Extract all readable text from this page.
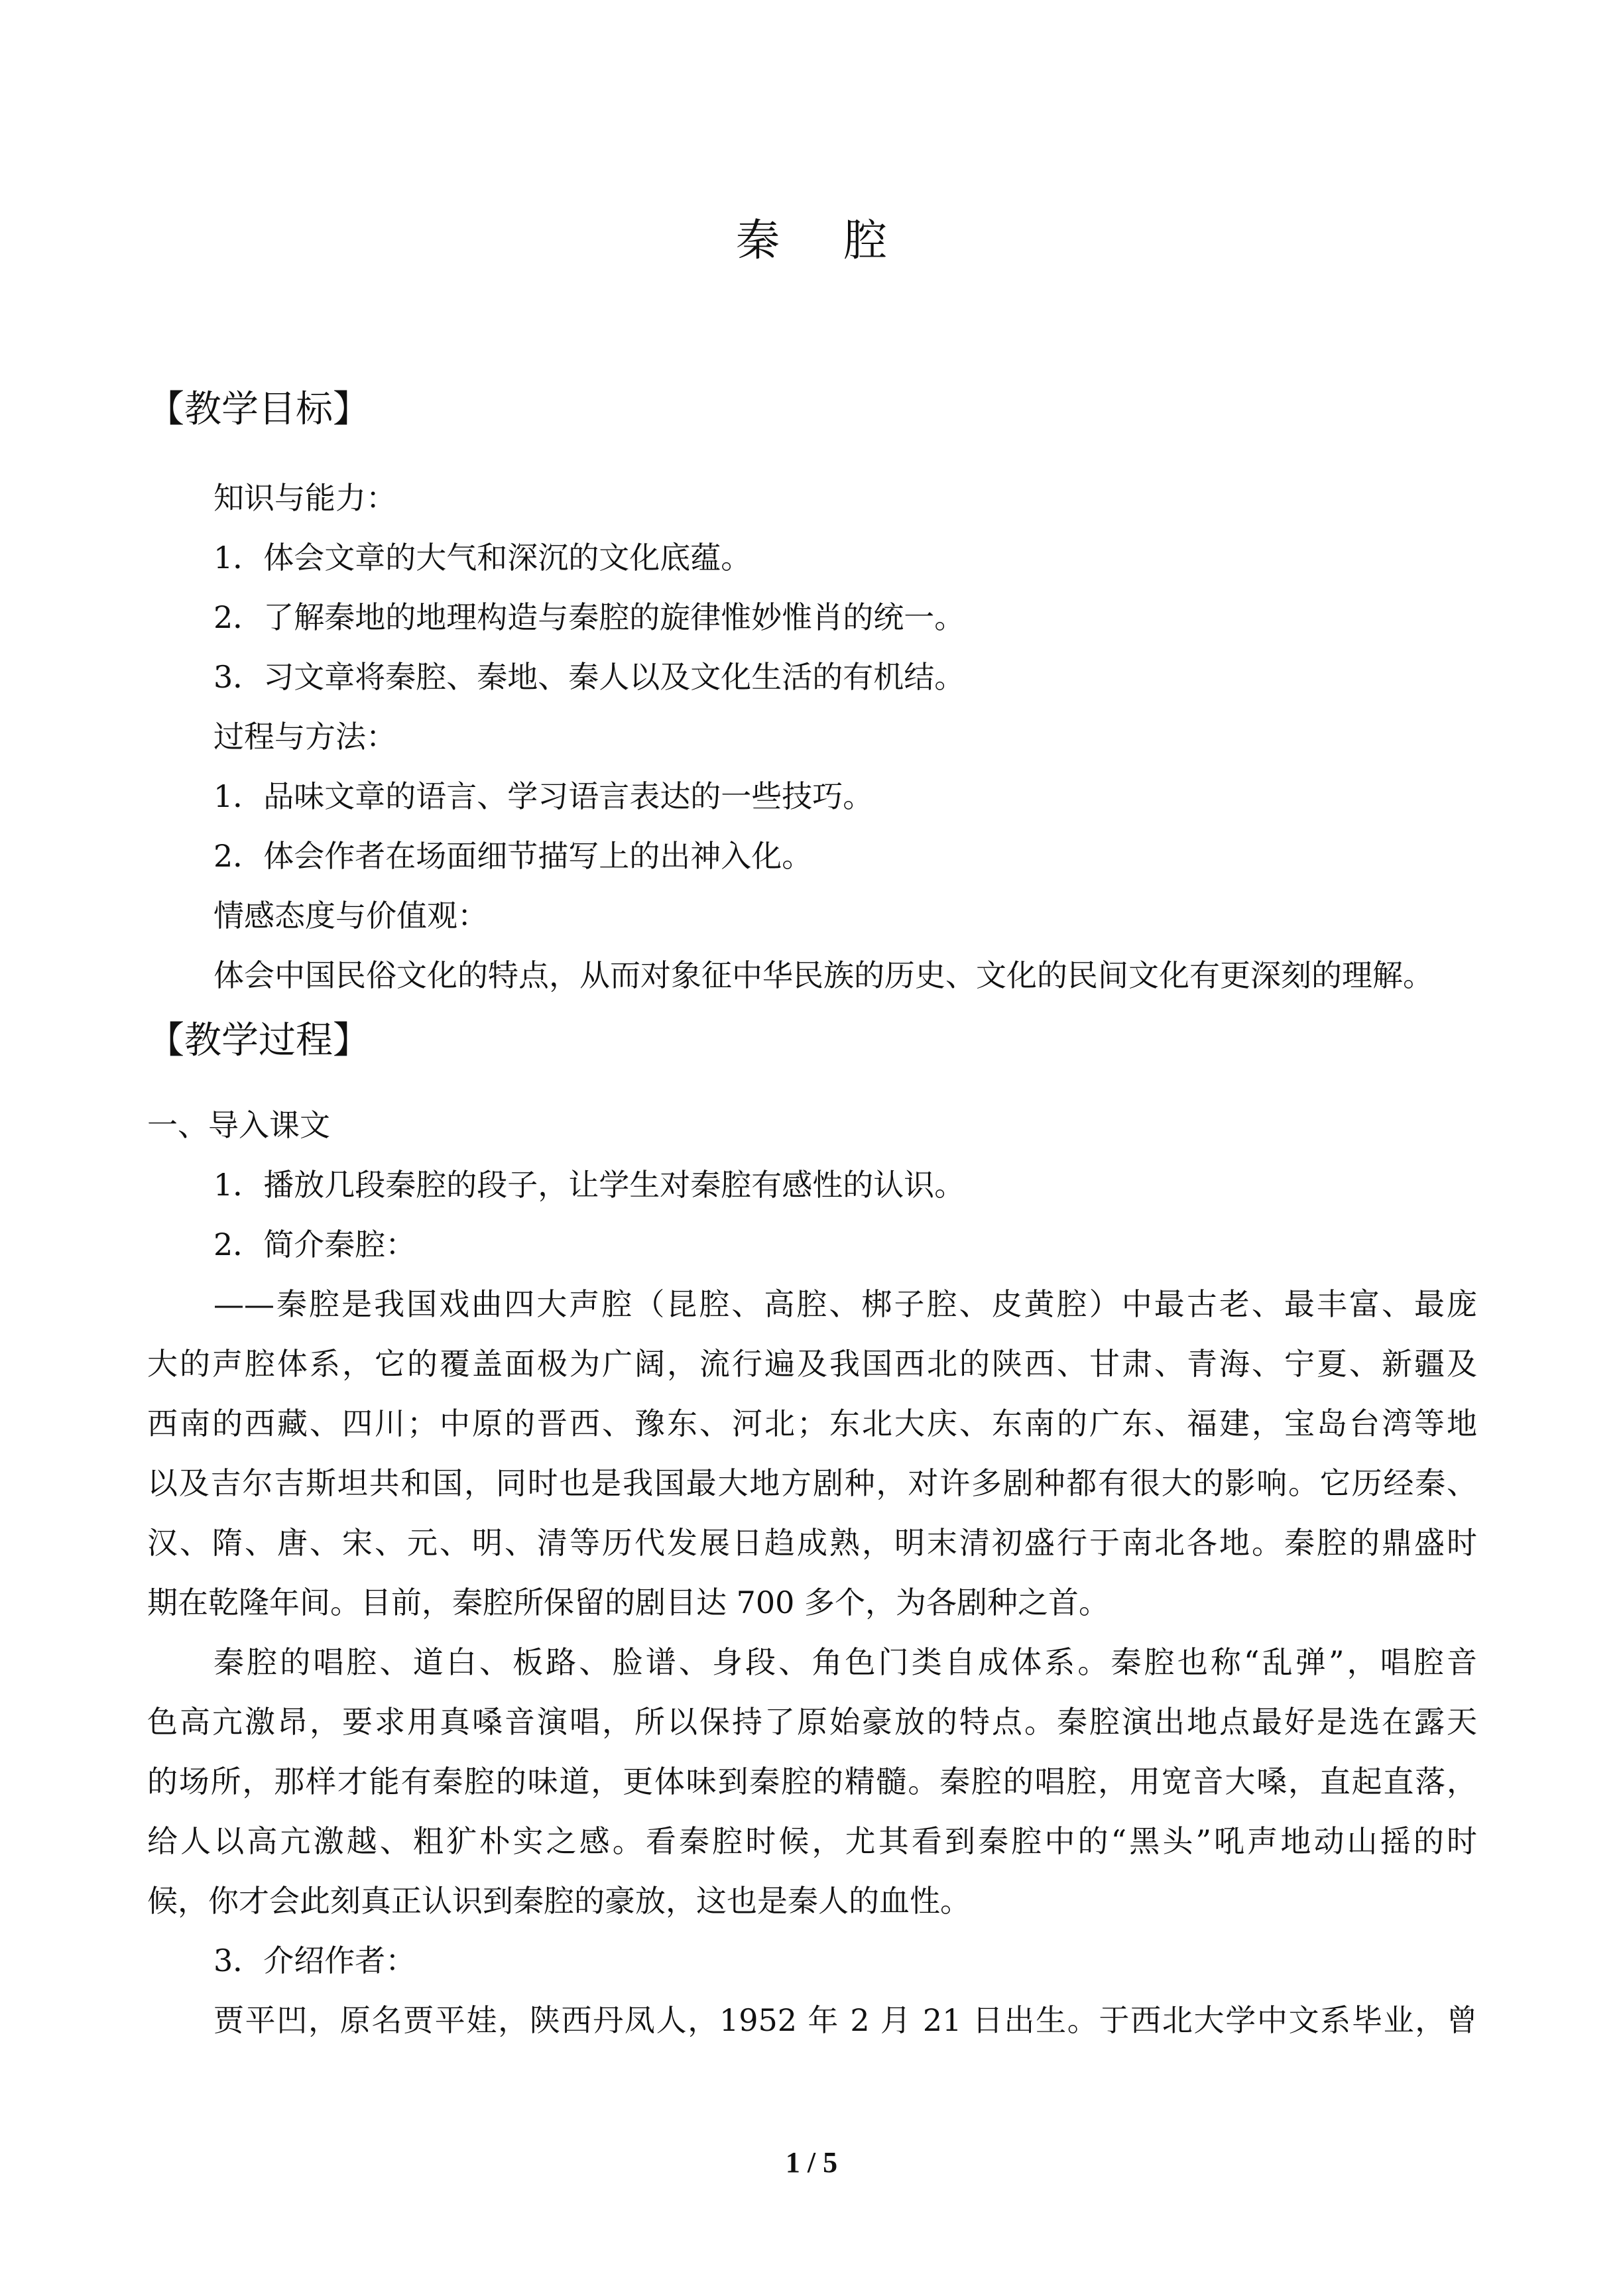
秦 腔
【教学目标】
知识与能力：
1．体会文章的大气和深沉的文化底蕴。
2．了解秦地的地理构造与秦腔的旋律惟妙惟肖的统一。
3．习文章将秦腔、秦地、秦人以及文化生活的有机结。
过程与方法：
1．品味文章的语言、学习语言表达的一些技巧。
2．体会作者在场面细节描写上的出神入化。
情感态度与价值观：
体会中国民俗文化的特点，从而对象征中华民族的历史、文化的民间文化有更深刻的理解。
【教学过程】
一、导入课文
1．播放几段秦腔的段子，让学生对秦腔有感性的认识。
2．简介秦腔：
——秦腔是我国戏曲四大声腔（昆腔、高腔、梆子腔、皮黄腔）中最古老、最丰富、最庞
大的声腔体系，它的覆盖面极为广阔，流行遍及我国西北的陕西、甘肃、青海、宁夏、新疆及
西南的西藏、四川；中原的晋西、豫东、河北；东北大庆、东南的广东、福建，宝岛台湾等地
以及吉尔吉斯坦共和国，同时也是我国最大地方剧种，对许多剧种都有很大的影响。它历经秦、
汉、隋、唐、宋、元、明、清等历代发展日趋成熟，明末清初盛行于南北各地。秦腔的鼎盛时
期在乾隆年间。目前，秦腔所保留的剧目达 700 多个，为各剧种之首。
秦腔的唱腔、道白、板路、脸谱、身段、角色门类自成体系。秦腔也称“乱弹”，唱腔音
色高亢激昂，要求用真嗓音演唱，所以保持了原始豪放的特点。秦腔演出地点最好是选在露天
的场所，那样才能有秦腔的味道，更体味到秦腔的精髓。秦腔的唱腔，用宽音大嗓，直起直落，
给人以高亢激越、粗犷朴实之感。看秦腔时候，尤其看到秦腔中的“黑头”吼声地动山摇的时
候，你才会此刻真正认识到秦腔的豪放，这也是秦人的血性。
3．介绍作者：
贾平凹，原名贾平娃，陕西丹凤人，1952 年 2 月 21 日出生。于西北大学中文系毕业，曾
1 / 5
